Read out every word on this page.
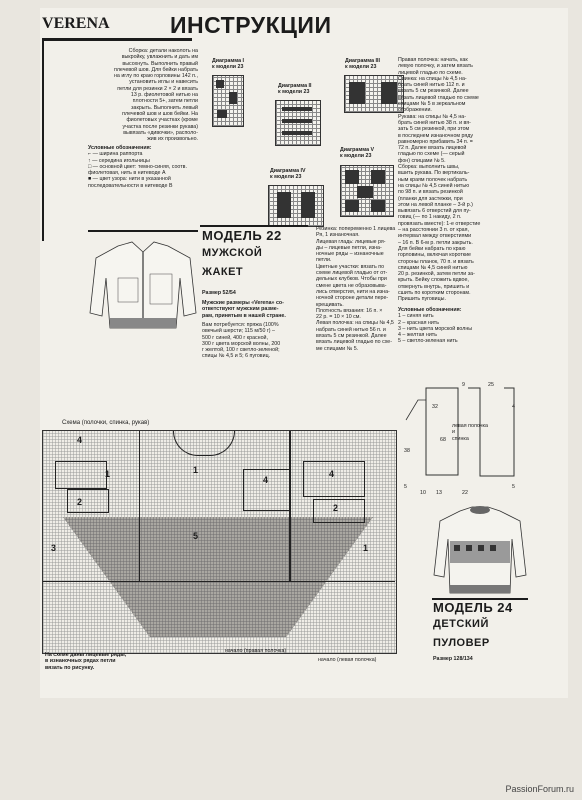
VERENA	ИНСТРУКЦИИ
Сборка: детали наколоть на
выкройку, увлажнить и дать им
высохнуть. Выполнить правый
плечевой шов. Для бейки набрать
на иглу по краю горловины 142 п.,
установить иглы и навесить
петли для резинки 2 × 2 и вязать
13 р. фиолетовой нитью на
плотности 5+, затем петли
закрыть. Выполнить левый
плечевой шов и шов бейки. На
фиолетовых участках (кроме
участка после резинки рукава)
вывязать «дивочки», располо-
жив их произвольно.
Условные обозначения:
⌐ — ширина раппорта
↑ — середина игольницы
□ — основной цвет: темно-синяя, соотв. фиолетовая, нить в нитеводе A
■ — цвет узора: нити в указанной последовательности в нитеводе B
Диаграмма I
к модели 23
Диаграмма II
к модели 23
Диаграмма III
к модели 23
Диаграмма IV
к модели 23
Диаграмма V
к модели 23
Правая полочка: начать, как
левую полочку, и затем вязать
лицевой гладью по схеме.
Спинка: на спицы № 4,5 на-
брать синей нитью 112 п. и
вязать 5 см резинкой. Далее
вязать лицевой гладью по схеме
спицами № 5 в зеркальном
отображении.
Рукава: на спицы № 4,5 на-
брать синей нитью 38 п. и вя-
зать 5 см резинкой, при этом
в последнем изнаночном ряду
равномерно прибавить 34 п. =
72 п. Далее вязать лицевой
гладью по схеме (— серый
фон) спицами № 5.
Сборка: выполнить швы,
вшить рукава. По вертикаль-
ным краям полочек набрать
на спицы № 4,5 синей нитью
по 98 п. и вязать резинкой
(планки для застежки, при
этом на левой планке – 3-й р.)
вывязать 6 отверстий для пу-
говиц (— по 1 накиду, 2 п.
провязать вместе): 1-е отверстие
– на расстоянии 3 п. от края,
интервал между отверстиями
– 16 п. В 6-м р. петли закрыть.
Для бейки набрать по краю
горловины, включая короткие
стороны планок, 70 п. и вязать
спицами № 4,5 синей нитью
20 р. резинкой, затем петли за-
крыть. Бейку сложить вдвое,
отвернуть внутрь, пришить и
сшить по коротким сторонам.
Пришить пуговицы.
МОДЕЛЬ 22
МУЖСКОЙ
ЖАКЕТ
Размер 52/54
Мужские размеры «Verena» со-
ответствуют мужским разме-
рам, принятым в нашей стране.
Вам потребуется: пряжа (100%
овечьей шерсти; 115 м/50 г) –
500 г синей, 400 г красной,
300 г цвета морской волны, 200
г желтой, 100 г светло-зеленой;
спицы № 4,5 и 5; 6 пуговиц.
Резинка: попеременно 1 лицева
Ря, 1 изнаночная.
Лицевая гладь: лицевые ря-
ды – лицевые петли, изна-
ночные ряды – изнаночные
петли.
Цветные участки: вязать по
схеме лицевой гладью от от-
дельных клубков. Чтобы при
смене цвета не образовыва-
лись отверстия, нити на изна-
ночной стороне детали пере-
крещивать.
Плотность вязания: 16 п. ×
22 р. = 10 × 10 см.
Левая полочка: на спицы № 4,5
набрать синей нитью 56 п. и
вязать 5 см резинкой. Далее
вязать лицевой гладью по схе-
ме спицами № 5.
Условные обозначения:
1 – синяя нить
2 – красная нить
3 – нить цвета морской волны
4 – желтая нить
5 – светло-зеленая нить
Схема (полочки, спинка, рукав)
4
1
2
3
1
4
5
4
2
1
На схеме даны лицевые ряды,
в изнаночных рядах петли
вязать по рисунку.
начало (правая полочка)
начало (левая полочка)
левая полочка
и
спинка
9	25
32
68
4
38
10 13	22
5	5
МОДЕЛЬ 24
ДЕТСКИЙ
ПУЛОВЕР
Размер 128/134
PassionForum.ru
